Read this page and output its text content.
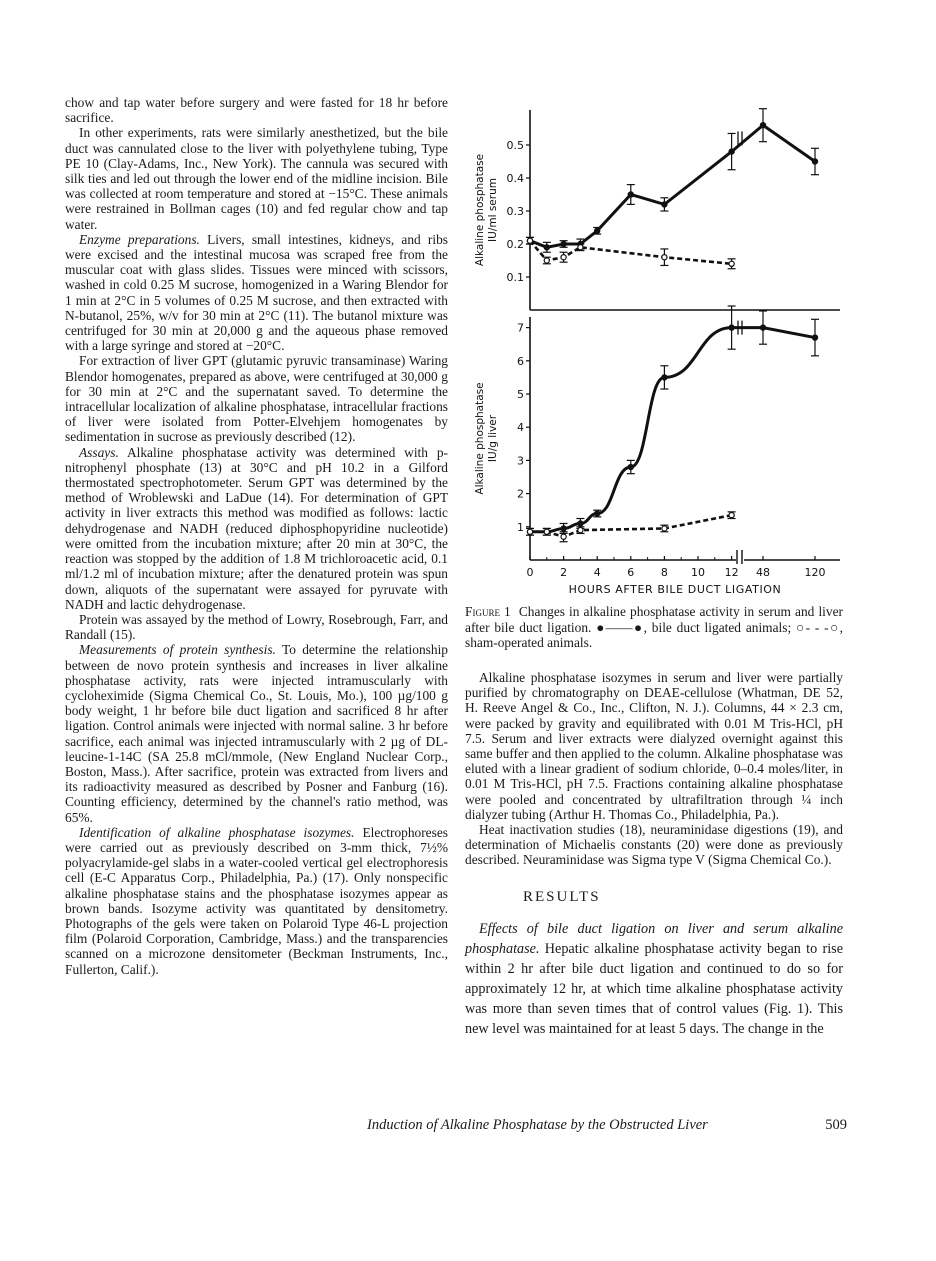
chow and tap water before surgery and were fasted for 18 hr before sacrifice.

In other experiments, rats were similarly anesthetized, but the bile duct was cannulated close to the liver with polyethylene tubing, Type PE 10 (Clay-Adams, Inc., New York). The cannula was secured with silk ties and led out through the lower end of the midline incision. Bile was collected at room temperature and stored at −15°C. These animals were restrained in Bollman cages (10) and fed regular chow and tap water.

Enzyme preparations. Livers, small intestines, kidneys, and ribs were excised and the intestinal mucosa was scraped free from the muscular coat with glass slides. Tissues were minced with scissors, washed in cold 0.25 M sucrose, homogenized in a Waring Blendor for 1 min at 2°C in 5 volumes of 0.25 M sucrose, and then extracted with N-butanol, 25%, w/v for 30 min at 2°C (11). The butanol mixture was centrifuged for 30 min at 20,000 g and the aqueous phase removed with a large syringe and stored at −20°C.

For extraction of liver GPT (glutamic pyruvic transaminase) Waring Blendor homogenates, prepared as above, were centrifuged at 30,000 g for 30 min at 2°C and the supernatant saved. To determine the intracellular localization of alkaline phosphatase, intracellular fractions of liver were isolated from Potter-Elvehjem homogenates by sedimentation in sucrose as previously described (12).

Assays. Alkaline phosphatase activity was determined with p-nitrophenyl phosphate (13) at 30°C and pH 10.2 in a Gilford thermostated spectrophotometer. Serum GPT was determined by the method of Wroblewski and LaDue (14). For determination of GPT activity in liver extracts this method was modified as follows: lactic dehydrogenase and NADH (reduced diphosphopyridine nucleotide) were omitted from the incubation mixture; after 20 min at 30°C, the reaction was stopped by the addition of 1.8 M trichloroacetic acid, 0.1 ml/1.2 ml of incubation mixture; after the denatured protein was spun down, aliquots of the supernatant were assayed for pyruvate with NADH and lactic dehydrogenase.

Protein was assayed by the method of Lowry, Rosebrough, Farr, and Randall (15).

Measurements of protein synthesis. To determine the relationship between de novo protein synthesis and increases in liver alkaline phosphatase activity, rats were injected intramuscularly with cycloheximide (Sigma Chemical Co., St. Louis, Mo.), 100 µg/100 g body weight, 1 hr before bile duct ligation and sacrificed 8 hr after ligation. Control animals were injected with normal saline. 3 hr before sacrifice, each animal was injected intramuscularly with 2 µg of DL-leucine-1-14C (SA 25.8 mCl/mmole, (New England Nuclear Corp., Boston, Mass.). After sacrifice, protein was extracted from livers and its radioactivity measured as described by Posner and Fanburg (16). Counting efficiency, determined by the channel's ratio method, was 65%.

Identification of alkaline phosphatase isozymes. Electrophoreses were carried out as previously described on 3-mm thick, 7½% polyacrylamide-gel slabs in a water-cooled vertical gel electrophoresis cell (E-C Apparatus Corp., Philadelphia, Pa.) (17). Only nonspecific alkaline phosphatase stains and the phosphatase isozymes appear as brown bands. Isozyme activity was quantitated by densitometry. Photographs of the gels were taken on Polaroid Type 46-L projection film (Polaroid Corporation, Cambridge, Mass.) and the transparencies scanned on a microzone densitometer (Beckman Instruments, Inc., Fullerton, Calif.).

0.1
0.2
0.3
0.4
0.5
Alkaline phosphatase IU/ml serum
1
2
3
4
5
6
7
Alkaline phosphatase IU/g liver
0 2 4 6 8 10 12 48	120
HOURS AFTER BILE DUCT LIGATION
Figure 1 Changes in alkaline phosphatase activity in serum and liver after bile duct ligation. ●——●, bile duct ligated animals; ○- - -○, sham-operated animals.

Alkaline phosphatase isozymes in serum and liver were partially purified by chromatography on DEAE-cellulose (Whatman, DE 52, H. Reeve Angel & Co., Inc., Clifton, N. J.). Columns, 44 × 2.3 cm, were packed by gravity and equilibrated with 0.01 M Tris-HCl, pH 7.5. Serum and liver extracts were dialyzed overnight against this same buffer and then applied to the column. Alkaline phosphatase was eluted with a linear gradient of sodium chloride, 0–0.4 moles/liter, in 0.01 M Tris-HCl, pH 7.5. Fractions containing alkaline phosphatase were pooled and concentrated by ultrafiltration through ¼ inch dialyzer tubing (Arthur H. Thomas Co., Philadelphia, Pa.).

Heat inactivation studies (18), neuraminidase digestions (19), and determination of Michaelis constants (20) were done as previously described. Neuraminidase was Sigma type V (Sigma Chemical Co.).

RESULTS

Effects of bile duct ligation on liver and serum alkaline phosphatase. Hepatic alkaline phosphatase activity began to rise within 2 hr after bile duct ligation and continued to do so for approximately 12 hr, at which time alkaline phosphatase activity was more than seven times that of control values (Fig. 1). This new level was maintained for at least 5 days. The change in the

Induction of Alkaline Phosphatase by the Obstructed Liver	509
